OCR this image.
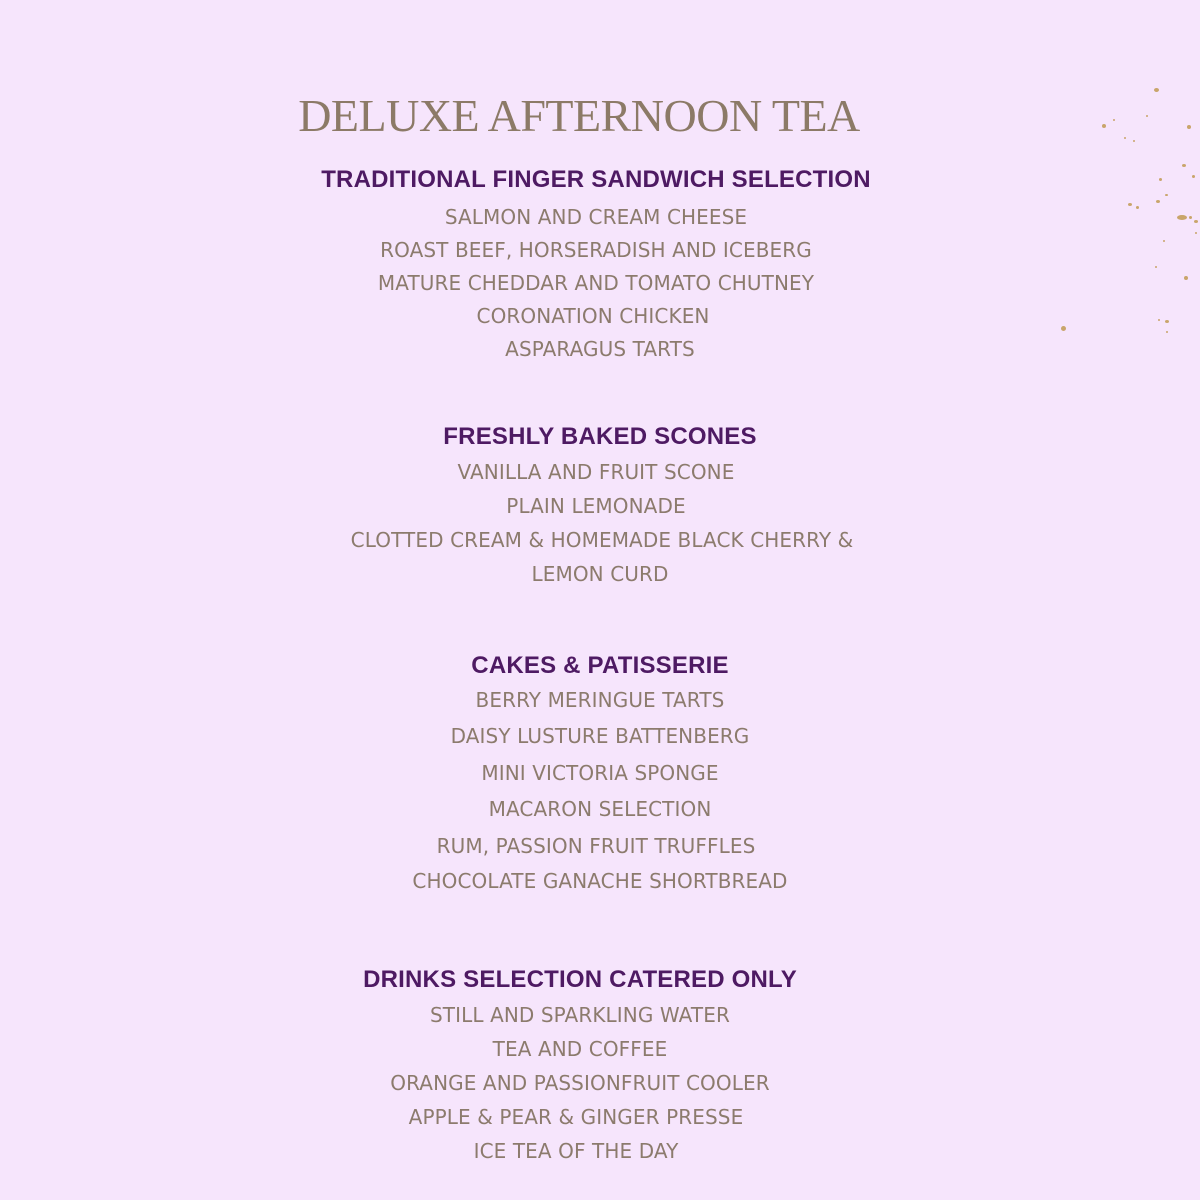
DELUXE AFTERNOON TEA
TRADITIONAL FINGER SANDWICH SELECTION
SALMON AND CREAM CHEESE
ROAST BEEF, HORSERADISH AND ICEBERG
MATURE CHEDDAR AND TOMATO CHUTNEY
CORONATION CHICKEN
ASPARAGUS TARTS
FRESHLY BAKED SCONES
VANILLA AND FRUIT SCONE
PLAIN LEMONADE
CLOTTED CREAM & HOMEMADE BLACK CHERRY &
LEMON CURD
CAKES & PATISSERIE
BERRY MERINGUE TARTS
DAISY LUSTURE BATTENBERG
MINI VICTORIA SPONGE
MACARON SELECTION
RUM, PASSION FRUIT TRUFFLES
CHOCOLATE GANACHE SHORTBREAD
DRINKS SELECTION CATERED ONLY
STILL AND SPARKLING WATER
TEA AND COFFEE
ORANGE AND PASSIONFRUIT COOLER
APPLE & PEAR & GINGER PRESSE
ICE TEA OF THE DAY
